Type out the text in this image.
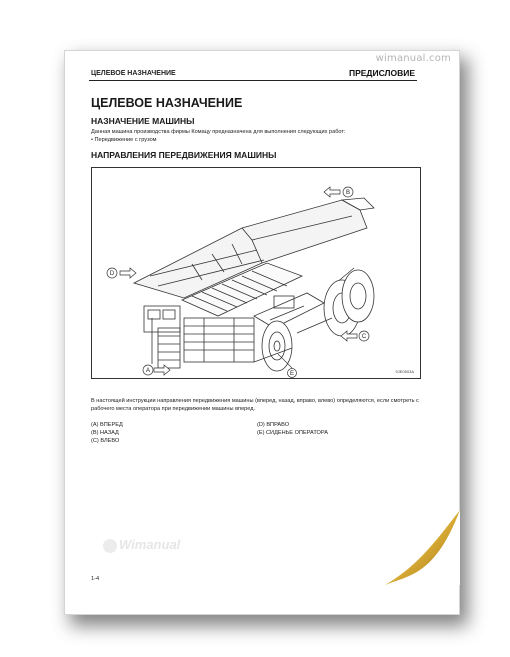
wimanual.com
ЦЕЛЕВОЕ НАЗНАЧЕНИЕ	ПРЕДИСЛОВИЕ
ЦЕЛЕВОЕ НАЗНАЧЕНИЕ
НАЗНАЧЕНИЕ МАШИНЫ
Данная машина производства фирмы Комацу предназначена для выполнения следующих работ:
• Передвижение с грузом
НАПРАВЛЕНИЯ ПЕРЕДВИЖЕНИЯ МАШИНЫ
A
B
C
D
E	9JE0503A
В настоящей инструкции направления передвижения машины (вперед, назад, вправо, влево) определяются, если смотреть с рабочего места оператора при передвижении машины вперед.
(A) ВПЕРЕД
(B) НАЗАД
(C) ВЛЕВО
(D) ВПРАВО
(E) СИДЕНЬЕ ОПЕРАТОРА
Wimanual
1-4
